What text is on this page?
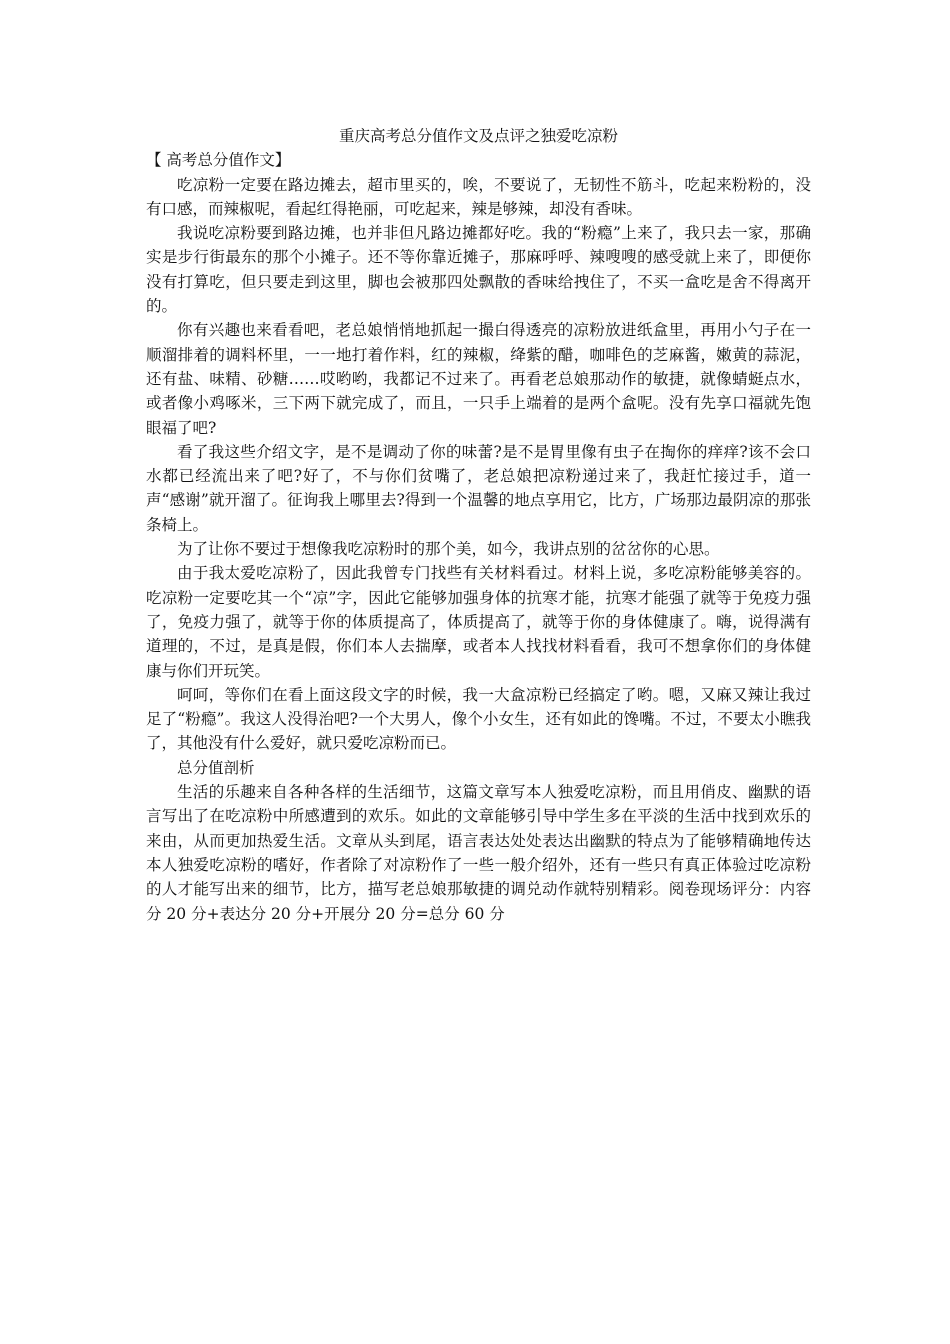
重庆高考总分值作文及点评之独爱吃凉粉

【 高考总分值作文】

吃凉粉一定要在路边摊去，超市里买的，唉，不要说了，无韧性不筋斗，吃起来粉粉的，没有口感，而辣椒呢，看起红得艳丽，可吃起来，辣是够辣，却没有香味。

我说吃凉粉要到路边摊，也并非但凡路边摊都好吃。我的“粉瘾”上来了，我只去一家，那确实是步行街最东的那个小摊子。还不等你靠近摊子，那麻呼呼、辣嗖嗖的感受就上来了，即便你没有打算吃，但只要走到这里，脚也会被那四处飘散的香味给拽住了，不买一盒吃是舍不得离开的。

你有兴趣也来看看吧，老总娘悄悄地抓起一撮白得透亮的凉粉放进纸盒里，再用小勺子在一顺溜排着的调料杯里，一一地打着作料，红的辣椒，绛紫的醋，咖啡色的芝麻酱，嫩黄的蒜泥，还有盐、味精、砂糖……哎哟哟，我都记不过来了。再看老总娘那动作的敏捷，就像蜻蜓点水，或者像小鸡啄米，三下两下就完成了，而且，一只手上端着的是两个盒呢。没有先享口福就先饱眼福了吧?

看了我这些介绍文字，是不是调动了你的味蕾?是不是胃里像有虫子在掏你的痒痒?该不会口水都已经流出来了吧?好了，不与你们贫嘴了，老总娘把凉粉递过来了，我赶忙接过手，道一声“感谢”就开溜了。征询我上哪里去?得到一个温馨的地点享用它，比方，广场那边最阴凉的那张条椅上。

为了让你不要过于想像我吃凉粉时的那个美，如今，我讲点别的岔岔你的心思。

由于我太爱吃凉粉了，因此我曾专门找些有关材料看过。材料上说，多吃凉粉能够美容的。吃凉粉一定要吃其一个“凉”字，因此它能够加强身体的抗寒才能，抗寒才能强了就等于免疫力强了，免疫力强了，就等于你的体质提高了，体质提高了，就等于你的身体健康了。嗨，说得满有道理的，不过，是真是假，你们本人去揣摩，或者本人找找材料看看，我可不想拿你们的身体健康与你们开玩笑。

呵呵，等你们在看上面这段文字的时候，我一大盒凉粉已经搞定了哟。嗯，又麻又辣让我过足了“粉瘾”。我这人没得治吧?一个大男人，像个小女生，还有如此的馋嘴。不过，不要太小瞧我了，其他没有什么爱好，就只爱吃凉粉而已。

总分值剖析

生活的乐趣来自各种各样的生活细节，这篇文章写本人独爱吃凉粉，而且用俏皮、幽默的语言写出了在吃凉粉中所感遭到的欢乐。如此的文章能够引导中学生多在平淡的生活中找到欢乐的来由，从而更加热爱生活。文章从头到尾，语言表达处处表达出幽默的特点为了能够精确地传达本人独爱吃凉粉的嗜好，作者除了对凉粉作了一些一般介绍外，还有一些只有真正体验过吃凉粉的人才能写出来的细节，比方，描写老总娘那敏捷的调兑动作就特别精彩。阅卷现场评分：内容分 20 分+表达分 20 分+开展分 20 分=总分 60 分
